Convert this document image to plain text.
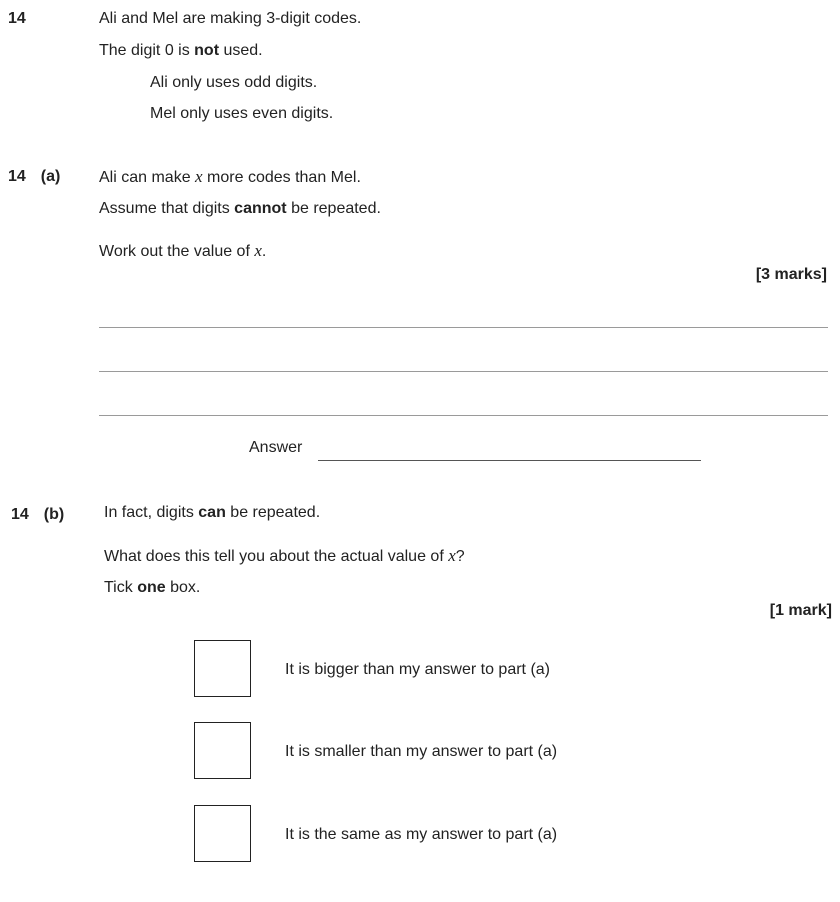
14	Ali and Mel are making 3-digit codes.
The digit 0 is not used.
Ali only uses odd digits.
Mel only uses even digits.
14 (a) Ali can make x more codes than Mel.
Assume that digits cannot be repeated.
Work out the value of x.
[3 marks]
Answer
14 (b) In fact, digits can be repeated.
What does this tell you about the actual value of x?
Tick one box.
[1 mark]
It is bigger than my answer to part (a)
It is smaller than my answer to part (a)
It is the same as my answer to part (a)
